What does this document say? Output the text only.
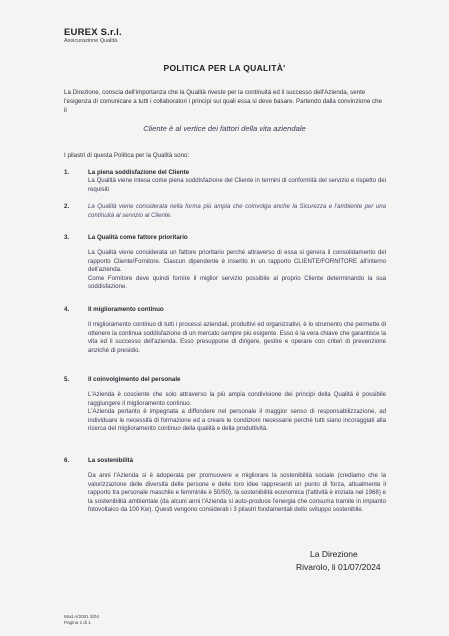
EUREX S.r.l.
Assicurazione Qualità
POLITICA PER LA QUALITÀ'
La Direzione, conscia dell'importanza che la Qualità riveste per la continuità ed il successo dell'Azienda, sente l'esigenza di comunicare a tutti i collaboratori i principi sui quali essa si deve basare. Partendo dalla convinzione che il
Cliente è al vertice dei fattori della vita aziendale
I pilastri di questa Politica per la Qualità sono:
1.	La piena soddisfazione del Cliente

La Qualità viene intesa come piena soddisfazione del Cliente in termini di conformità del servizio e rispetto dei requisiti

2.	La Qualità viene considerata nella forma più ampia che coinvolga anche la Sicurezza e l'ambiente per una continuità al servizio al Cliente.
3.	La Qualità come fattore prioritario

La Qualità viene considerata un fattore prioritario perché attraverso di essa si genera il consolidamento del rapporto Cliente/Fornitore. Ciascun dipendente è inserito in un rapporto CLIENTE/FORNITORE all'interno dell'azienda.

Come Fornitore deve quindi fornire il miglior servizio possibile al proprio Cliente determinando la sua soddisfazione.

4.	Il miglioramento continuo

Il miglioramento continuo di tutti i processi aziendali, produttivi ed organizzativi, è lo strumento che permette di ottenere la continua soddisfazione di un mercato sempre più esigente. Esso è la vera chiave che garantisce la vita ed il successo dell'azienda. Esso presuppone di dirigere, gestire e operare con criteri di prevenzione anziché di presidio.

5.	Il coinvolgimento del personale

L'Azienda è cosciente che solo attraverso la più ampia condivisione dei principi della Qualità è possibile raggiungere il miglioramento continuo.

L'Azienda pertanto è impegnata a diffondere nel personale il maggior senso di responsabilizzazione, ad individuare le necessità di formazione ed a creare le condizioni necessarie perché tutti siano incoraggiati alla ricerca del miglioramento continuo della qualità e della produttività.

6.	La sostenibilità

Da anni l'Azienda si è adoperata per promuovere e migliorare la sostenibilità sociale (crediamo che la valorizzazione delle diversità delle persone e delle loro idee rappresenti un punto di forza, attualmente il rapporto tra personale maschile e femminile è 50/50), la sostenibilità economica (l'attività è iniziata nel 1968) e la sostenibilità ambientale (da alcuni anni l'Azienda si auto-produce l'energia che consuma tramite in impianto fotovoltaico da 100 Kw). Questi vengono considerati i 3 pilastri fondamentali dello sviluppo sostenibile.

La Direzione
Rivarolo, li 01/07/2024
Mod.A/2001 3/04
Pagina 1 di 1
